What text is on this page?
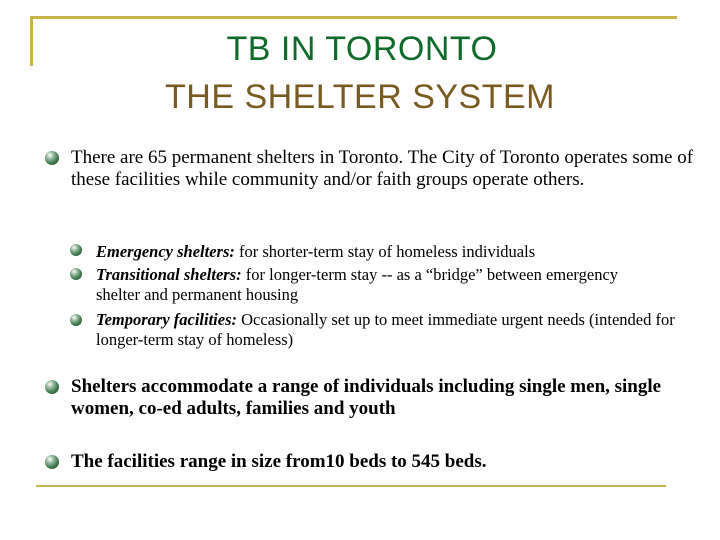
TB IN TORONTO
THE SHELTER SYSTEM
There are 65 permanent shelters in Toronto. The City of Toronto operates some of these facilities while community and/or faith groups operate others.
Emergency shelters: for shorter-term stay of homeless individuals
Transitional shelters: for longer-term stay -- as a “bridge” between emergency shelter and permanent housing
Temporary facilities: Occasionally set up to meet immediate urgent needs (intended for longer-term stay of homeless)
Shelters accommodate a range of individuals including single men, single women, co-ed adults, families and youth
The facilities range in size from10 beds to 545 beds.
